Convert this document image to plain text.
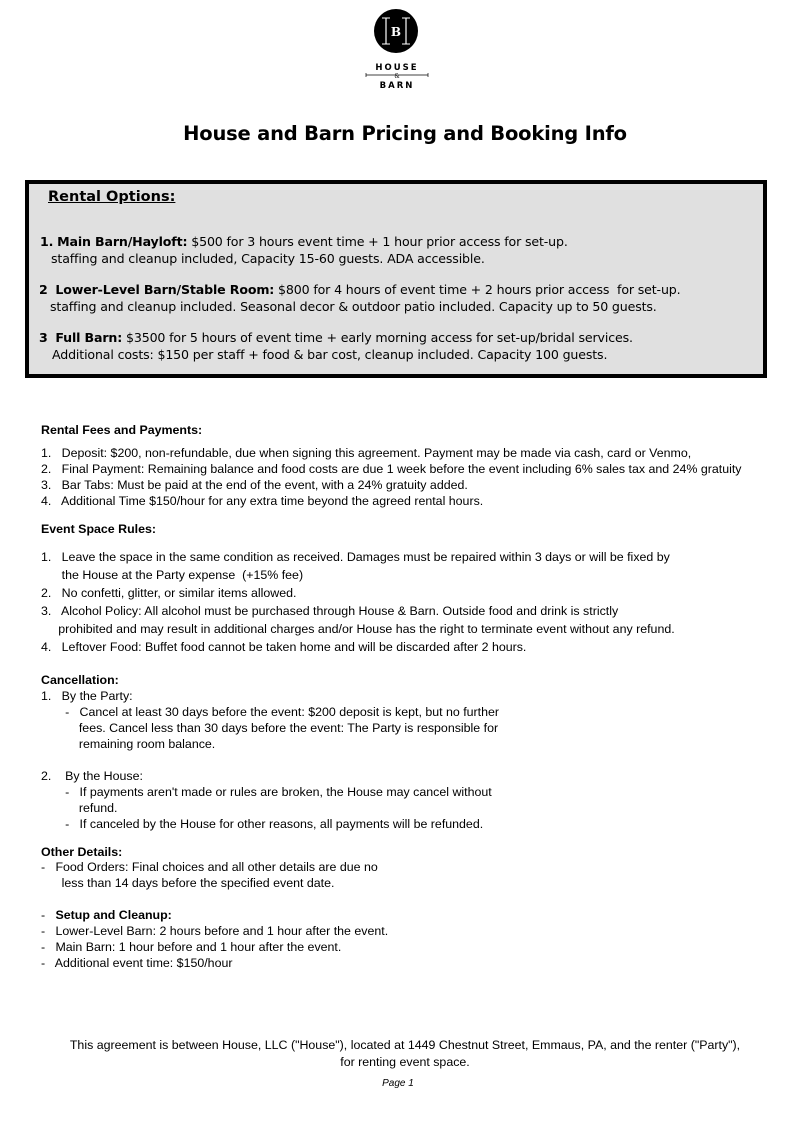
B
HOUSE
&
BARN
House and Barn Pricing and Booking Info
Rental Options:
1. Main Barn/Hayloft: $500 for 3 hours event time + 1 hour prior access for set-up.
staffing and cleanup included, Capacity 15-60 guests. ADA accessible.
2 Lower-Level Barn/Stable Room: $800 for 4 hours of event time + 2 hours prior access  for set-up.
staffing and cleanup included. Seasonal decor & outdoor patio included. Capacity up to 50 guests.
3 Full Barn: $3500 for 5 hours of event time + early morning access for set-up/bridal services.
Additional costs: $150 per staff + food & bar cost, cleanup included. Capacity 100 guests.
Rental Fees and Payments:
1.   Deposit: $200, non-refundable, due when signing this agreement. Payment may be made via cash, card or Venmo,
2.   Final Payment: Remaining balance and food costs are due 1 week before the event including 6% sales tax and 24% gratuity
3.   Bar Tabs: Must be paid at the end of the event, with a 24% gratuity added.
4.   Additional Time $150/hour for any extra time beyond the agreed rental hours.
Event Space Rules:
1.   Leave the space in the same condition as received. Damages must be repaired within 3 days or will be fixed by
the House at the Party expense  (+15% fee)
2.   No confetti, glitter, or similar items allowed.
3.   Alcohol Policy: All alcohol must be purchased through House & Barn. Outside food and drink is strictly
prohibited and may result in additional charges and/or House has the right to terminate event without any refund.
4.   Leftover Food: Buffet food cannot be taken home and will be discarded after 2 hours.
Cancellation:
1.   By the Party:
-   Cancel at least 30 days before the event: $200 deposit is kept, but no further
fees. Cancel less than 30 days before the event: The Party is responsible for
remaining room balance.
2.    By the House:
-   If payments aren't made or rules are broken, the House may cancel without
refund.
-   If canceled by the House for other reasons, all payments will be refunded.
Other Details:
-   Food Orders: Final choices and all other details are due no
less than 14 days before the specified event date.
-   Setup and Cleanup:
-   Lower-Level Barn: 2 hours before and 1 hour after the event.
-   Main Barn: 1 hour before and 1 hour after the event.
-   Additional event time: $150/hour
This agreement is between House, LLC ("House"), located at 1449 Chestnut Street, Emmaus, PA, and the renter ("Party"),
for renting event space.
Page 1
